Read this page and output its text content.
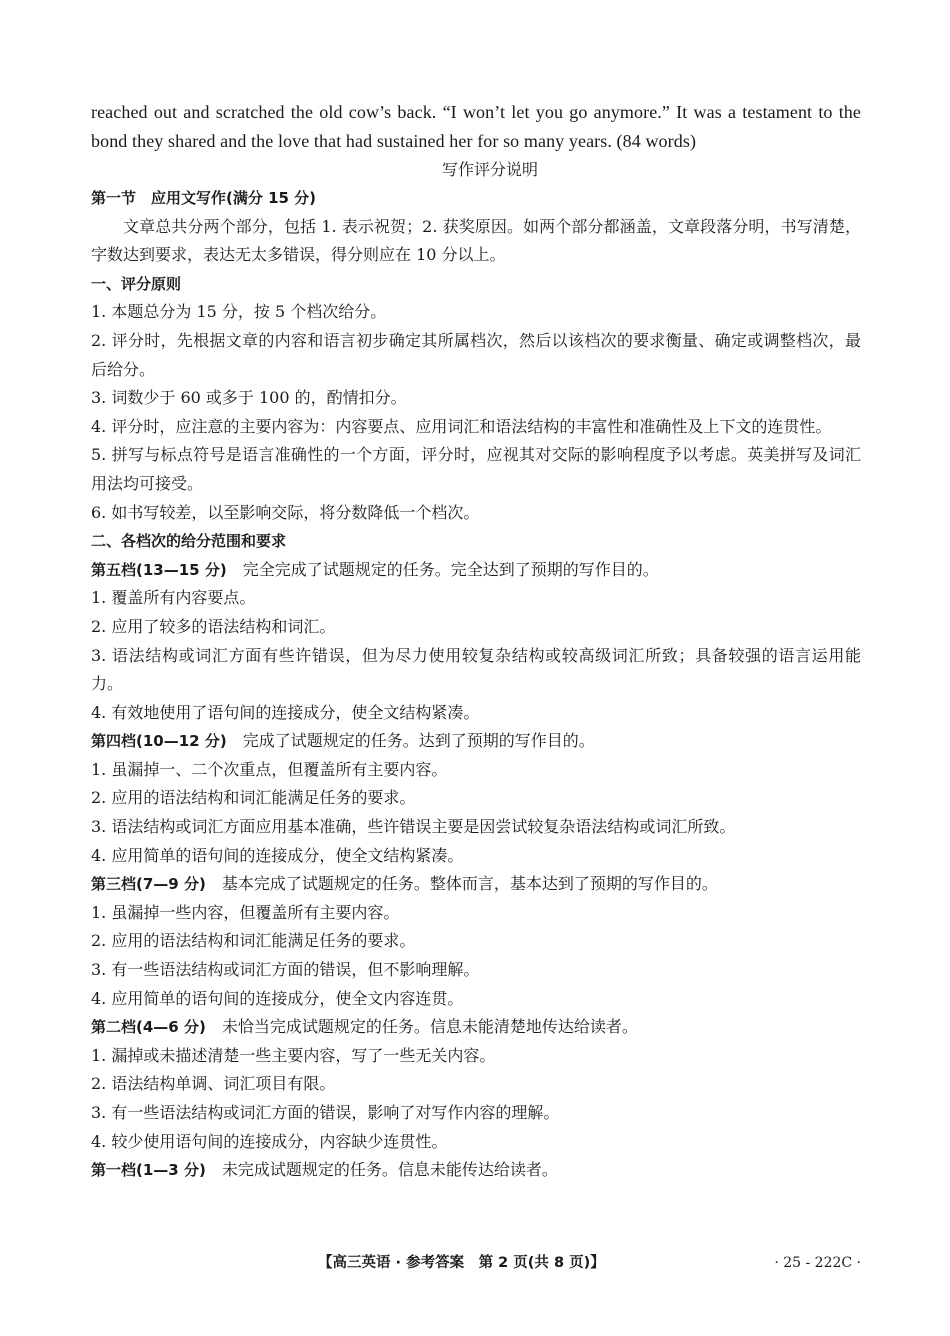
reached out and scratched the old cow’s back. “I won’t let you go anymore.” It was a testament to the bond they shared and the love that had sustained her for so many years. (84 words)
写作评分说明
第一节　应用文写作(满分 15 分)
文章总共分两个部分，包括 1. 表示祝贺；2. 获奖原因。如两个部分都涵盖，文章段落分明，书写清楚，字数达到要求，表达无太多错误，得分则应在 10 分以上。
一、评分原则
1. 本题总分为 15 分，按 5 个档次给分。
2. 评分时，先根据文章的内容和语言初步确定其所属档次，然后以该档次的要求衡量、确定或调整档次，最后给分。
3. 词数少于 60 或多于 100 的，酌情扣分。
4. 评分时，应注意的主要内容为：内容要点、应用词汇和语法结构的丰富性和准确性及上下文的连贯性。
5. 拼写与标点符号是语言准确性的一个方面，评分时，应视其对交际的影响程度予以考虑。英美拼写及词汇用法均可接受。
6. 如书写较差，以至影响交际，将分数降低一个档次。
二、各档次的给分范围和要求
第五档(13—15 分) 完全完成了试题规定的任务。完全达到了预期的写作目的。
1. 覆盖所有内容要点。
2. 应用了较多的语法结构和词汇。
3. 语法结构或词汇方面有些许错误，但为尽力使用较复杂结构或较高级词汇所致；具备较强的语言运用能力。
4. 有效地使用了语句间的连接成分，使全文结构紧凑。
第四档(10—12 分) 完成了试题规定的任务。达到了预期的写作目的。
1. 虽漏掉一、二个次重点，但覆盖所有主要内容。
2. 应用的语法结构和词汇能满足任务的要求。
3. 语法结构或词汇方面应用基本准确，些许错误主要是因尝试较复杂语法结构或词汇所致。
4. 应用简单的语句间的连接成分，使全文结构紧凑。
第三档(7—9 分) 基本完成了试题规定的任务。整体而言，基本达到了预期的写作目的。
1. 虽漏掉一些内容，但覆盖所有主要内容。
2. 应用的语法结构和词汇能满足任务的要求。
3. 有一些语法结构或词汇方面的错误，但不影响理解。
4. 应用简单的语句间的连接成分，使全文内容连贯。
第二档(4—6 分) 未恰当完成试题规定的任务。信息未能清楚地传达给读者。
1. 漏掉或未描述清楚一些主要内容，写了一些无关内容。
2. 语法结构单调、词汇项目有限。
3. 有一些语法结构或词汇方面的错误，影响了对写作内容的理解。
4. 较少使用语句间的连接成分，内容缺少连贯性。
第一档(1—3 分) 未完成试题规定的任务。信息未能传达给读者。
【高三英语 · 参考答案　第 2 页(共 8 页)】	· 25 - 222C ·
